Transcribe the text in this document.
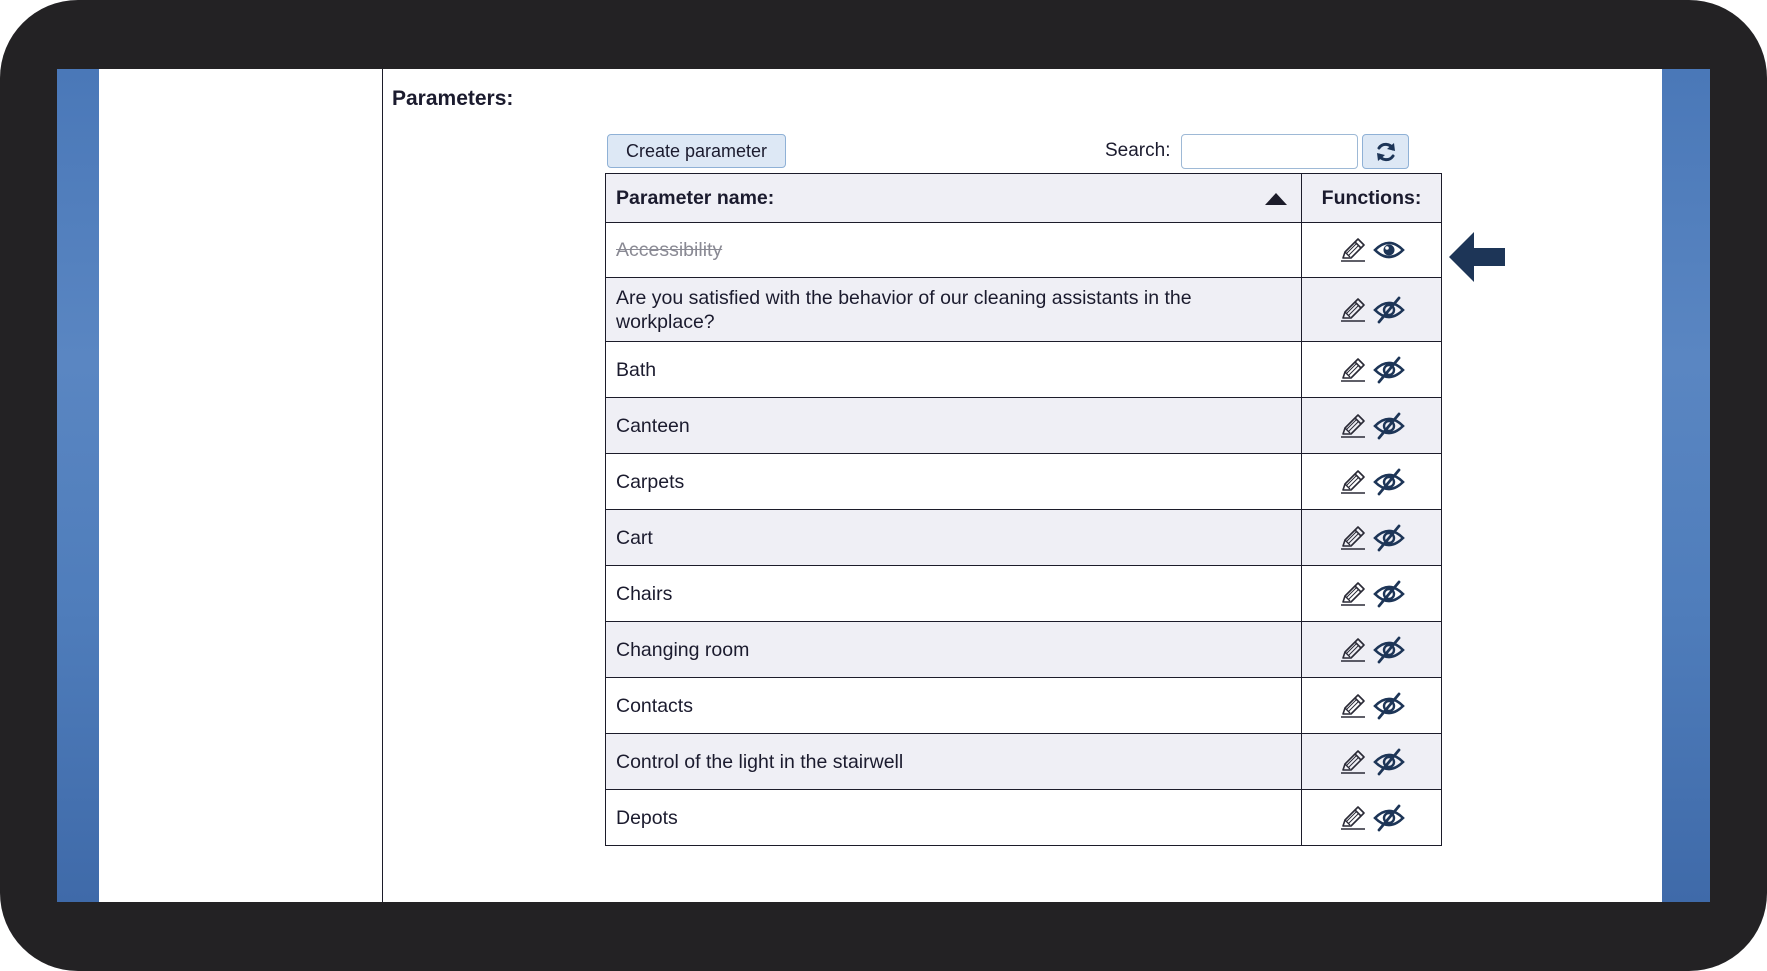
Parameters:
Create parameter	Search:
Parameter name:	Functions:
Accessibility	

Are you satisfied with the behavior of our cleaning assistants in the workplace?	

Bath	

Canteen	

Carpets	

Cart	

Chairs	

Changing room	

Contacts	

Control of the light in the stairwell	

Depots	
